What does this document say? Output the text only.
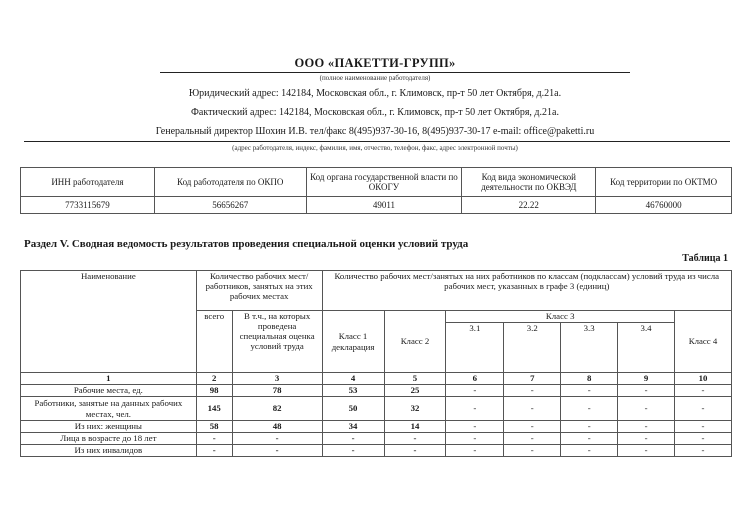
ООО «ПАКЕТТИ-ГРУПП»
(полное наименование работодателя)
Юридический адрес: 142184, Московская обл., г. Климовск, пр-т 50 лет Октября, д.21а.
Фактический адрес: 142184, Московская обл., г. Климовск, пр-т 50 лет Октября, д.21а.
Генеральный директор Шохин И.В. тел/факс 8(495)937-30-16, 8(495)937-30-17 e-mail: office@paketti.ru
(адрес работодателя, индекс, фамилия, имя, отчество, телефон, факс, адрес электронной почты)
ИНН работодателя	Код работодателя по ОКПО	Код органа государственной власти по ОКОГУ	Код вида экономической деятельности по ОКВЭД	Код территории по ОКТМО
7733115679	56656267	49011	22.22	46760000
Раздел V. Сводная ведомость результатов проведения специальной оценки условий труда
Таблица 1
Наименование	Количество рабочих мест/работников, занятых на этих рабочих местах		Количество рабочих мест/занятых на них работников по классам (подклассам) условий труда из числа рабочих мест, указанных в графе 3 (единиц)						
	всего	В т.ч., на которых проведена специальная оценка условий труда	Класс 1 декларация	Класс 2	Класс 3				Класс 4
					3.1	3.2	3.3	3.4	
1	2	3	4	5	6	7	8	9	10
Рабочие места, ед.	98	78	53	25	-	-	-	-	-
Работники, занятые на данных рабочих местах, чел.	145	82	50	32	-	-	-	-	-
Из них: женщины	58	48	34	14	-	-	-	-	-
Лица в возрасте до 18 лет	-	-	-	-	-	-	-	-	-
Из них инвалидов	-	-	-	-	-	-	-	-	-
